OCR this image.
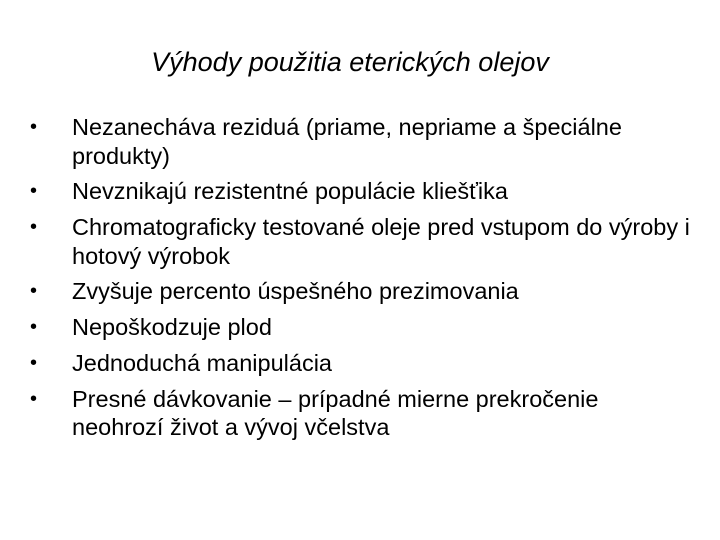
Výhody použitia eterických olejov
• Nezanecháva reziduá (priame, nepriame a špeciálne produkty)
• Nevznikajú rezistentné populácie kliešťika
• Chromatograficky testované oleje pred vstupom do výroby i hotový výrobok
• Zvyšuje percento úspešného prezimovania
• Nepoškodzuje plod
• Jednoduchá manipulácia
• Presné dávkovanie – prípadné mierne prekročenie neohrozí život a vývoj včelstva
